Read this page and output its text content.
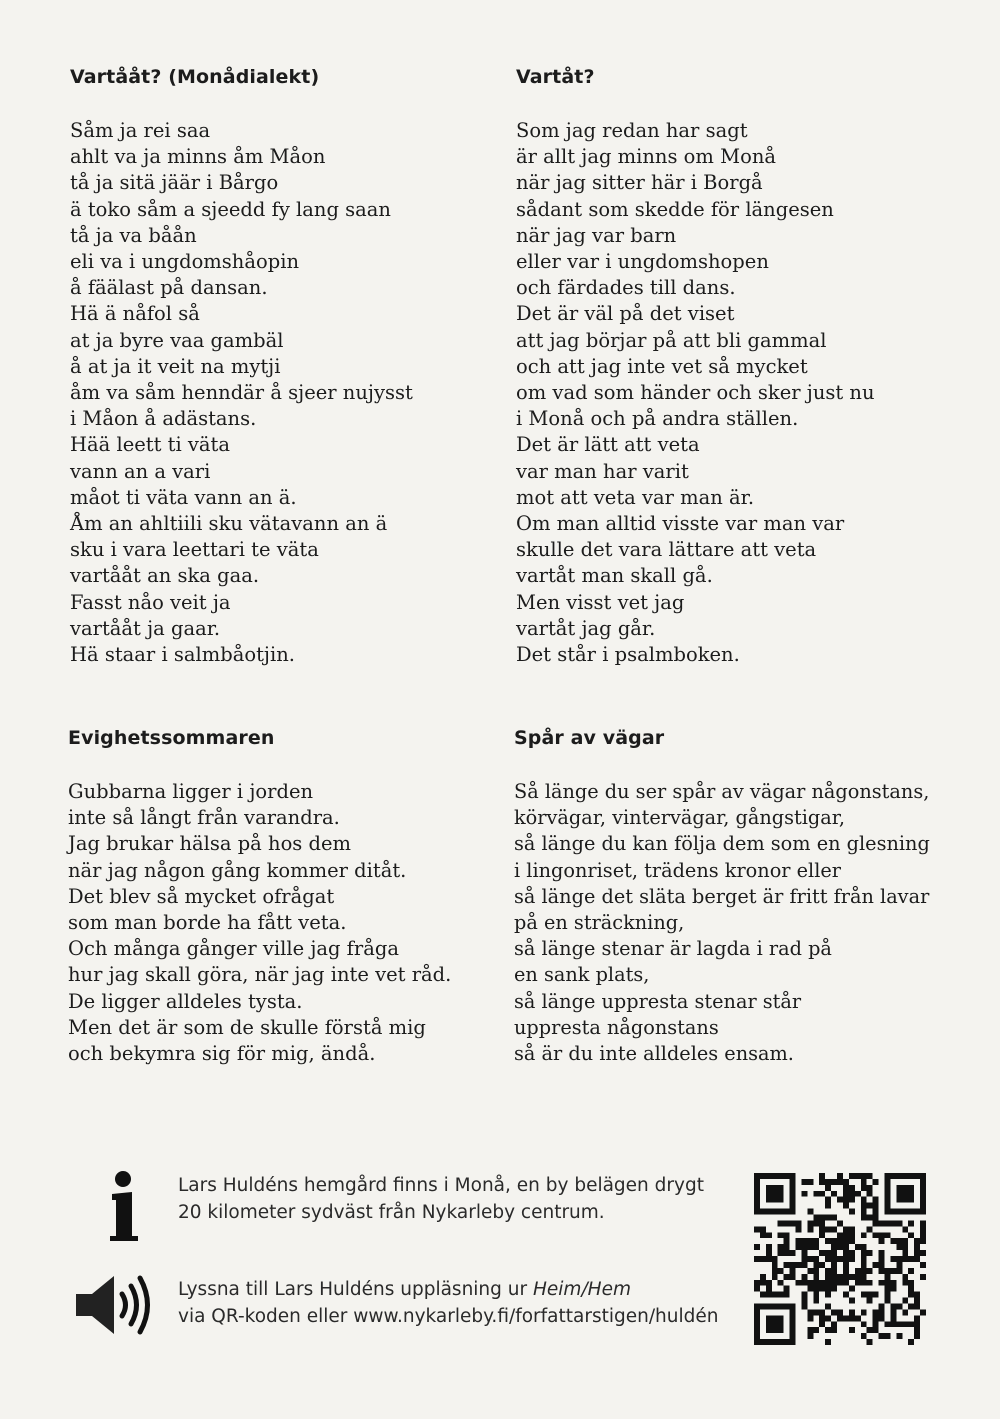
Vartååt? (Monådialekt)
Såm ja rei saa
ahlt va ja minns åm Måon
tå ja sitä jäär i Bårgo
ä toko såm a sjeedd fy lang saan
tå ja va båån
eli va i ungdomshåopin
å fäälast på dansan.
Hä ä nåfol så
at ja byre vaa gambäl
å at ja it veit na mytji
åm va såm henndär å sjeer nujysst
i Måon å adästans.
Hää leett ti väta
vann an a vari
måot ti väta vann an ä.
Åm an ahltiili sku vätavann an ä
sku i vara leettari te väta
vartååt an ska gaa.
Fasst nåo veit ja
vartååt ja gaar.
Hä staar i salmbåotjin.
Vartåt?
Som jag redan har sagt
är allt jag minns om Monå
när jag sitter här i Borgå
sådant som skedde för längesen
när jag var barn
eller var i ungdomshopen
och färdades till dans.
Det är väl på det viset
att jag börjar på att bli gammal
och att jag inte vet så mycket
om vad som händer och sker just nu
i Monå och på andra ställen.
Det är lätt att veta
var man har varit
mot att veta var man är.
Om man alltid visste var man var
skulle det vara lättare att veta
vartåt man skall gå.
Men visst vet jag
vartåt jag går.
Det står i psalmboken.
Evighetssommaren
Gubbarna ligger i jorden
inte så långt från varandra.
Jag brukar hälsa på hos dem
när jag någon gång kommer ditåt.
Det blev så mycket ofrågat
som man borde ha fått veta.
Och många gånger ville jag fråga
hur jag skall göra, när jag inte vet råd.
De ligger alldeles tysta.
Men det är som de skulle förstå mig
och bekymra sig för mig, ändå.
Spår av vägar
Så länge du ser spår av vägar någonstans,
körvägar, vintervägar, gångstigar,
så länge du kan följa dem som en glesning
i lingonriset, trädens kronor eller
så länge det släta berget är fritt från lavar
på en sträckning,
så länge stenar är lagda i rad på
en sank plats,
så länge uppresta stenar står
uppresta någonstans
så är du inte alldeles ensam.
Lars Huldéns hemgård finns i Monå, en by belägen drygt
20 kilometer sydväst från Nykarleby centrum.
Lyssna till Lars Huldéns uppläsning ur Heim/Hem
via QR-koden eller www.nykarleby.fi/forfattarstigen/huldén
